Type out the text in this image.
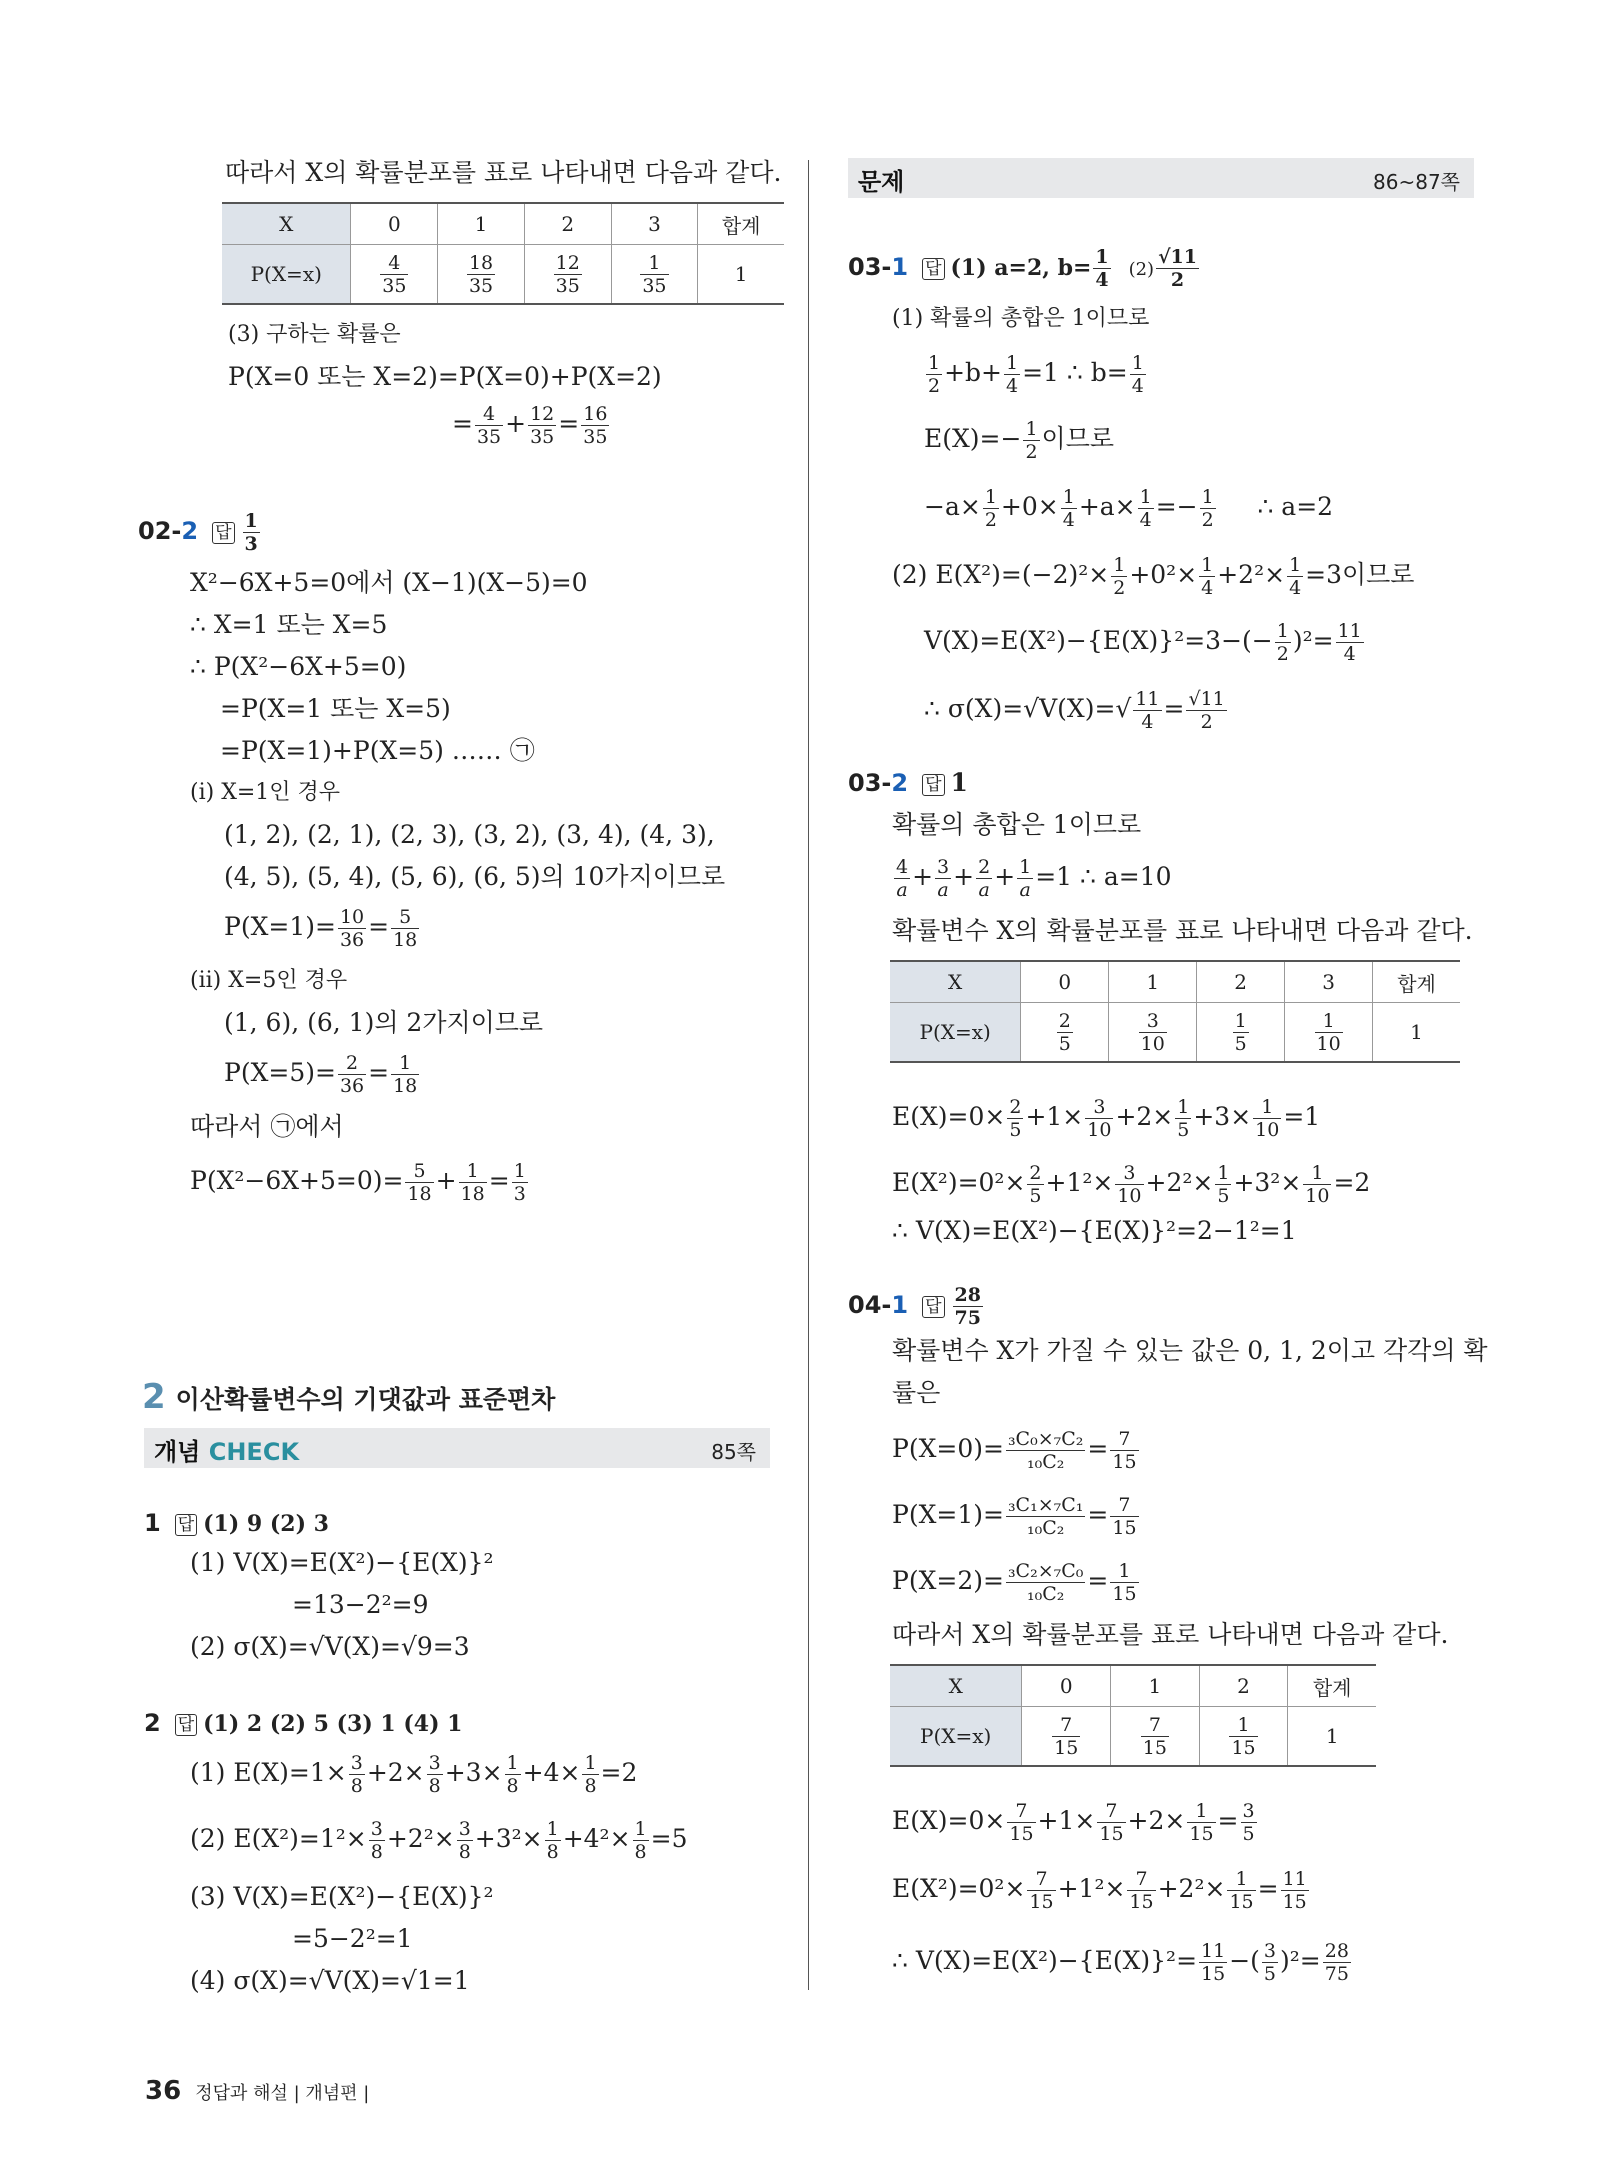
따라서 X의 확률분포를 표로 나타내면 다음과 같다.
X	0	1	2	3	합계
P(X=x)	$\frac{4}{35}$	$\frac{18}{35}$	$\frac{12}{35}$	$\frac{1}{35}$	1
(3) 구하는 확률은
P(X=0 또는 X=2)=P(X=0)+P(X=2)
= $\frac{4}{35} + \frac{12}{35} = \frac{16}{35}$
02-2 답 $\frac{1}{3}$
X²−6X+5=0에서 (X−1)(X−5)=0
∴ X=1 또는 X=5
∴ P(X²−6X+5=0)
=P(X=1 또는 X=5)
=P(X=1)+P(X=5) …… ㉠
(i) X=1인 경우
(1, 2), (2, 1), (2, 3), (3, 2), (3, 4), (4, 3),
(4, 5), (5, 4), (5, 6), (6, 5)의 10가지이므로
$P(X=1)= \frac{10}{36} = \frac{5}{18}$
(ii) X=5인 경우
(1, 6), (6, 1)의 2가지이므로
$P(X=5)= \frac{2}{36} = \frac{1}{18}$
따라서 ㉠에서
$P(X^2-6X+5=0)= \frac{5}{18} + \frac{1}{18} = \frac{1}{3}$
2 이산확률변수의 기댓값과 표준편차
개념 CHECK	85쪽
1 답 (1) 9 (2) 3
(1) V(X)=E(X²)−{E(X)}²
=13−2²=9
(2) σ(X)=√V(X)=√9=3
2 답 (1) 2 (2) 5 (3) 1 (4) 1
(1) $E(X)=1\times \frac{3}{8} +2\times \frac{3}{8} +3\times \frac{1}{8} +4\times \frac{1}{8} =2$
(2) $E(X^2)=1^2\times \frac{3}{8} +2^2\times \frac{3}{8} +3^2\times \frac{1}{8} +4^2\times \frac{1}{8} =5$
(3) V(X)=E(X²)−{E(X)}²
=5−2²=1
(4) σ(X)=√V(X)=√1=1
문제	86~87쪽
03-1 답 (1) a=2, $b= \frac{1}{4} (2) \frac{√11}{2}$
(1) 확률의 총합은 1이므로
$\frac{1}{2} +b+ \frac{1}{4} =1$ ∴ $b= \frac{1}{4}$
$E(X)=- \frac{1}{2}$ 이므로
$-a\times \frac{1}{2} +0\times \frac{1}{4} +a\times \frac{1}{4} =- \frac{1}{2}$ ∴ a=2
(2) $E(X^2)=(-2)^2\times \frac{1}{2} +0^2\times \frac{1}{4} +2^2\times \frac{1}{4} =3$이므로
$V(X)=E(X^2)-\{E(X)\}^2=3-(- \frac{1}{2} )^2= \frac{11}{4}$
∴ $\sigma(X)=√V(X)=√ \frac{11}{4} = \frac{√11}{2}$
03-2 답 1
확률의 총합은 1이므로
$\frac{4}{a} + \frac{3}{a} + \frac{2}{a} + \frac{1}{a} =1$ ∴ a=10
확률변수 X의 확률분포를 표로 나타내면 다음과 같다.
X	0	1	2	3	합계
P(X=x)	$\frac{2}{5}$	$\frac{3}{10}$	$\frac{1}{5}$	$\frac{1}{10}$	1
$E(X)=0\times \frac{2}{5} +1\times \frac{3}{10} +2\times \frac{1}{5} +3\times \frac{1}{10} =1$
$E(X^2)=0^2\times \frac{2}{5} +1^2\times \frac{3}{10} +2^2\times \frac{1}{5} +3^2\times \frac{1}{10} =2$
∴ V(X)=E(X²)−{E(X)}²=2−1²=1
04-1 답 $\frac{28}{75}$
확률변수 X가 가질 수 있는 값은 0, 1, 2이고 각각의 확
률은
$P(X=0)= \frac{\text{₃C₀×₇C₂}}{\text{₁₀C₂}} = \frac{7}{15}$
$P(X=1)= \frac{\text{₃C₁×₇C₁}}{\text{₁₀C₂}} = \frac{7}{15}$
$P(X=2)= \frac{\text{₃C₂×₇C₀}}{\text{₁₀C₂}} = \frac{1}{15}$
따라서 X의 확률분포를 표로 나타내면 다음과 같다.
X	0	1	2	합계
P(X=x)	$\frac{7}{15}$	$\frac{7}{15}$	$\frac{1}{15}$	1
$E(X)=0\times \frac{7}{15} +1\times \frac{7}{15} +2\times \frac{1}{15} = \frac{3}{5}$
$E(X^2)=0^2\times \frac{7}{15} +1^2\times \frac{7}{15} +2^2\times \frac{1}{15} = \frac{11}{15}$
∴ $V(X)=E(X^2)-\{E(X)\}^2= \frac{11}{15}$ −( $\frac{3}{5} )^2= \frac{28}{75}$
36 정답과 해설 | 개념편 |
